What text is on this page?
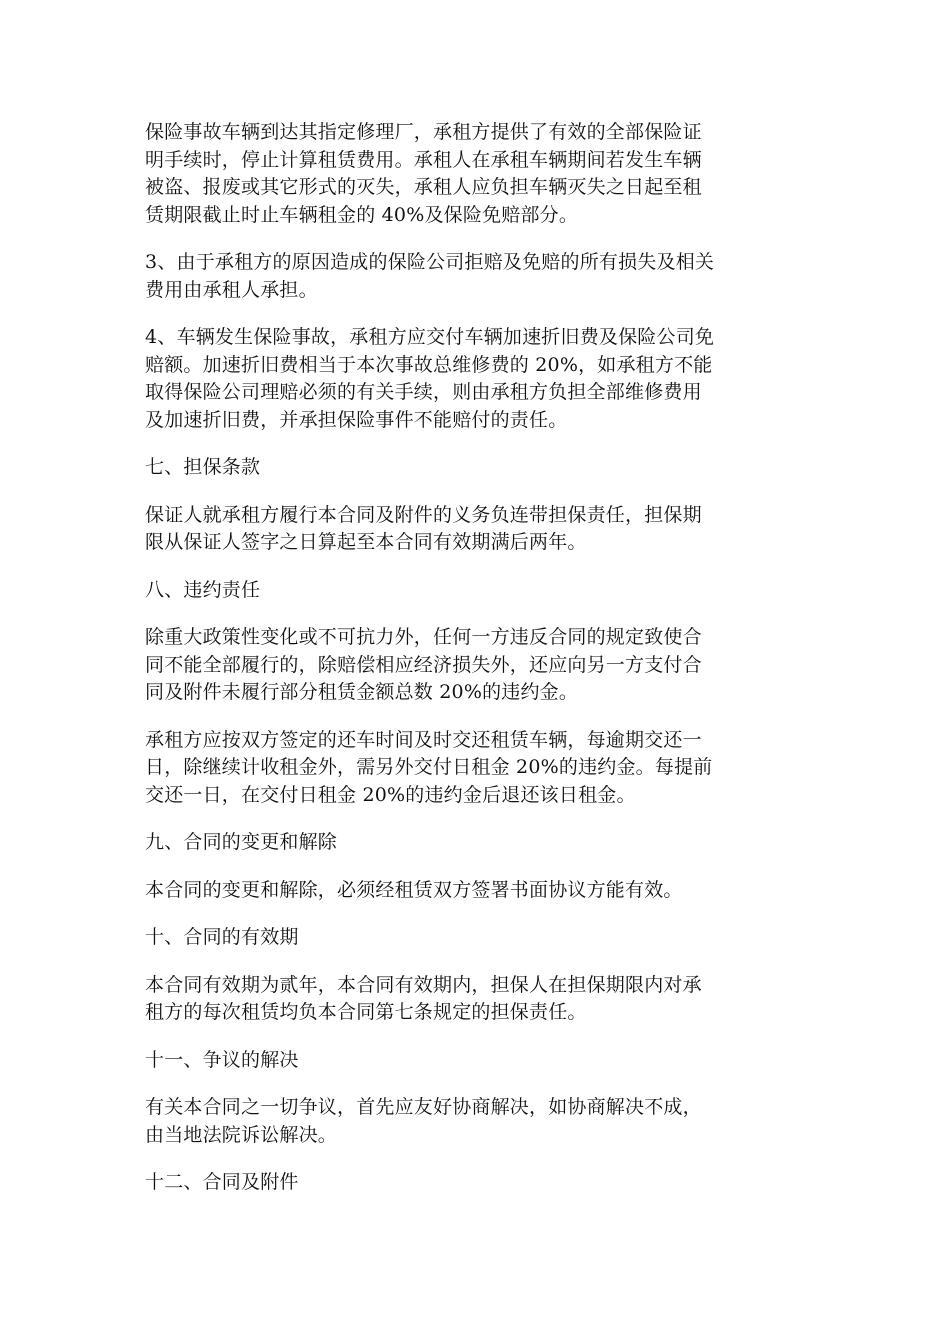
保险事故车辆到达其指定修理厂，承租方提供了有效的全部保险证
明手续时，停止计算租赁费用。承租人在承租车辆期间若发生车辆
被盗、报废或其它形式的灭失，承租人应负担车辆灭失之日起至租
赁期限截止时止车辆租金的 40%及保险免赔部分。
3、由于承租方的原因造成的保险公司拒赔及免赔的所有损失及相关
费用由承租人承担。
4、车辆发生保险事故，承租方应交付车辆加速折旧费及保险公司免
赔额。加速折旧费相当于本次事故总维修费的 20%，如承租方不能
取得保险公司理赔必须的有关手续，则由承租方负担全部维修费用
及加速折旧费，并承担保险事件不能赔付的责任。
七、担保条款
保证人就承租方履行本合同及附件的义务负连带担保责任，担保期
限从保证人签字之日算起至本合同有效期满后两年。
八、违约责任
除重大政策性变化或不可抗力外，任何一方违反合同的规定致使合
同不能全部履行的，除赔偿相应经济损失外，还应向另一方支付合
同及附件未履行部分租赁金额总数 20%的违约金。
承租方应按双方签定的还车时间及时交还租赁车辆，每逾期交还一
日，除继续计收租金外，需另外交付日租金 20%的违约金。每提前
交还一日，在交付日租金 20%的违约金后退还该日租金。
九、合同的变更和解除
本合同的变更和解除，必须经租赁双方签署书面协议方能有效。
十、合同的有效期
本合同有效期为贰年，本合同有效期内，担保人在担保期限内对承
租方的每次租赁均负本合同第七条规定的担保责任。
十一、争议的解决
有关本合同之一切争议，首先应友好协商解决，如协商解决不成，
由当地法院诉讼解决。
十二、合同及附件
